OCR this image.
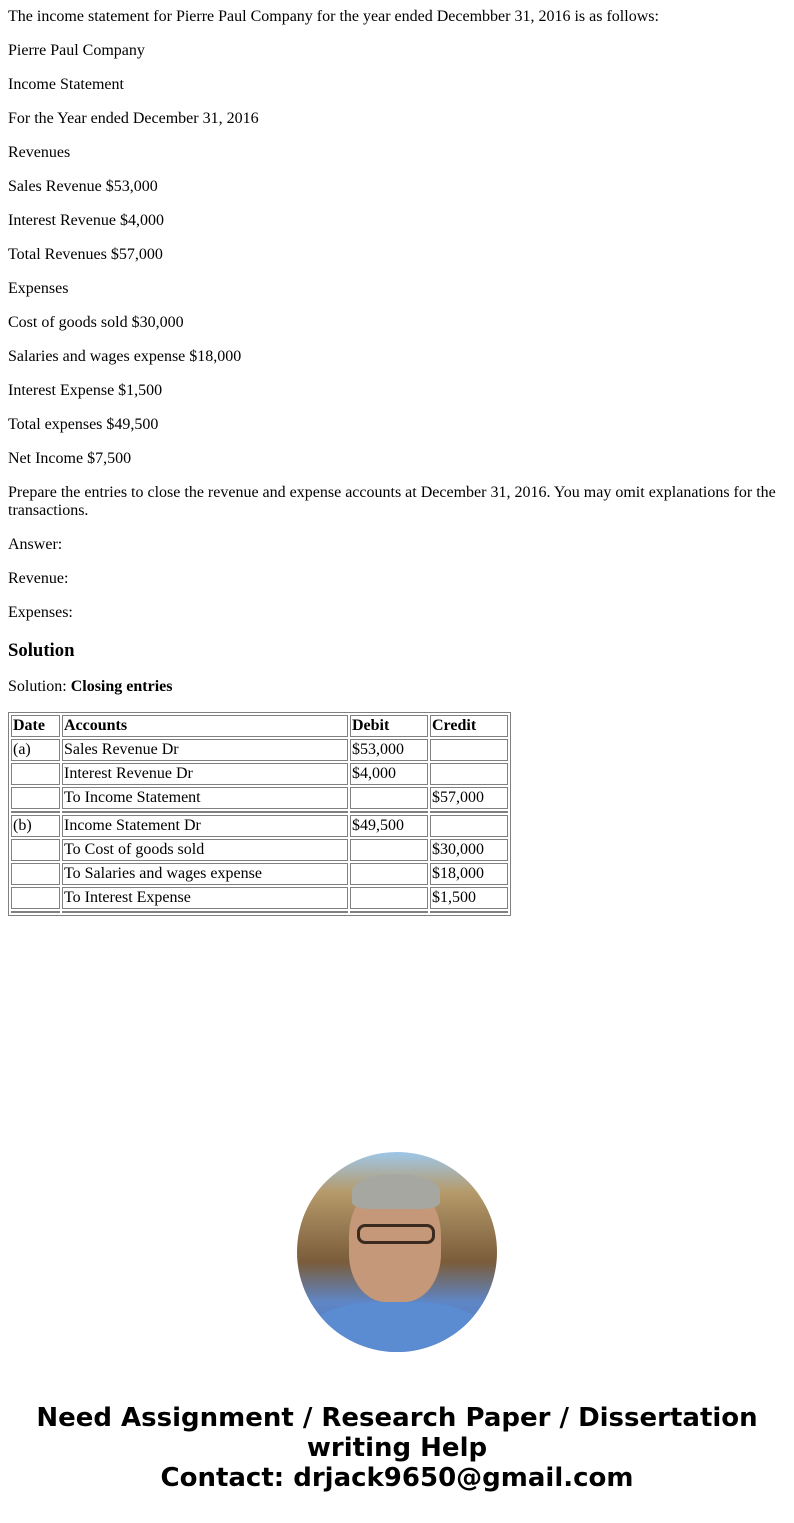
The income statement for Pierre Paul Company for the year ended Decembber 31, 2016 is as follows:

Pierre Paul Company

Income Statement

For the Year ended December 31, 2016

Revenues

Sales Revenue $53,000

Interest Revenue $4,000

Total Revenues $57,000

Expenses

Cost of goods sold $30,000

Salaries and wages expense $18,000

Interest Expense $1,500

Total expenses $49,500

Net Income $7,500

Prepare the entries to close the revenue and expense accounts at December 31, 2016. You may omit explanations for the transactions.

Answer:

Revenue:

Expenses:

Solution

Solution: Closing entries

Date	Accounts	Debit	Credit
(a)	Sales Revenue Dr	$53,000	
	Interest Revenue Dr	$4,000	
	To Income Statement		$57,000

(b)	Income Statement Dr	$49,500	
	To Cost of goods sold		$30,000
	To Salaries and wages expense		$18,000
	To Interest Expense		$1,500

Need Assignment / Research Paper / Dissertation
writing Help
Contact: drjack9650@gmail.com
